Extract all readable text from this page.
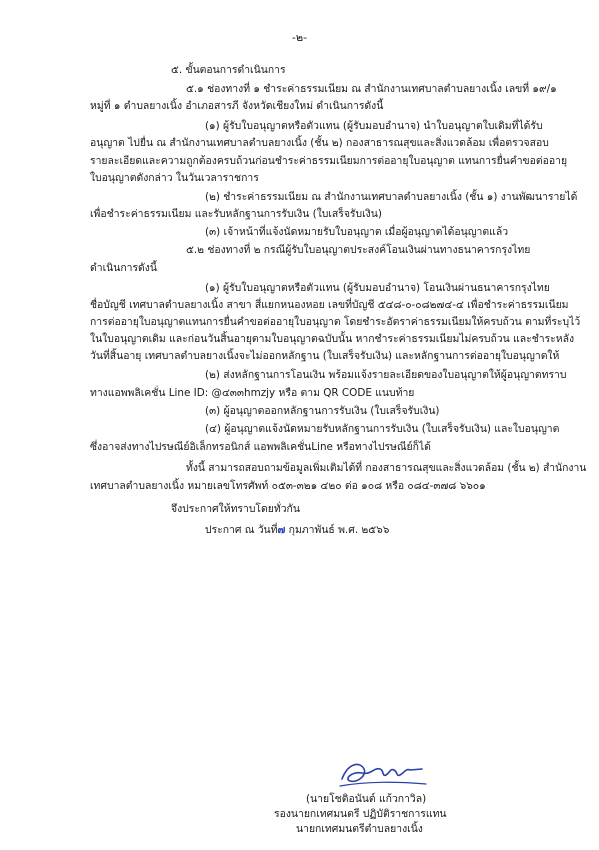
-๒-
๕. ขั้นตอนการดำเนินการ
๕.๑ ช่องทางที่ ๑ ชำระค่าธรรมเนียม ณ สำนักงานเทศบาลตำบลยางเนิ้ง เลขที่ ๑๙/๑
หมู่ที่ ๑ ตำบลยางเนิ้ง อำเภอสารภี จังหวัดเชียงใหม่ ดำเนินการดังนี้
(๑) ผู้รับใบอนุญาตหรือตัวแทน (ผู้รับมอบอำนาจ) นำใบอนุญาตใบเดิมที่ได้รับ
อนุญาต ไปยื่น ณ สำนักงานเทศบาลตำบลยางเนิ้ง (ชั้น ๒) กองสาธารณสุขและสิ่งแวดล้อม เพื่อตรวจสอบ
รายละเอียดและความถูกต้องครบถ้วนก่อนชำระค่าธรรมเนียมการต่ออายุใบอนุญาต แทนการยื่นคำขอต่ออายุ
ใบอนุญาตดังกล่าว ในวันเวลาราชการ
(๒) ชำระค่าธรรมเนียม ณ สำนักงานเทศบาลตำบลยางเนิ้ง (ชั้น ๑) งานพัฒนารายได้
เพื่อชำระค่าธรรมเนียม และรับหลักฐานการรับเงิน (ใบเสร็จรับเงิน)
(๓) เจ้าหน้าที่แจ้งนัดหมายรับใบอนุญาต เมื่อผู้อนุญาตได้อนุญาตแล้ว
๕.๒ ช่องทางที่ ๒ กรณีผู้รับใบอนุญาตประสงค์โอนเงินผ่านทางธนาคารกรุงไทย
ดำเนินการดังนี้
(๑) ผู้รับใบอนุญาตหรือตัวแทน (ผู้รับมอบอำนาจ) โอนเงินผ่านธนาคารกรุงไทย
ชื่อบัญชี เทศบาลตำบลยางเนิ้ง สาขา สี่แยกหนองหอย เลขที่บัญชี ๕๔๘-๐-๐๘๒๗๔-๔ เพื่อชำระค่าธรรมเนียม
การต่ออายุใบอนุญาตแทนการยื่นคำขอต่ออายุใบอนุญาต โดยชำระอัตราค่าธรรมเนียมให้ครบถ้วน ตามที่ระบุไว้
ในใบอนุญาตเดิม และก่อนวันสิ้นอายุตามใบอนุญาตฉบับนั้น หากชำระค่าธรรมเนียมไม่ครบถ้วน และชำระหลัง
วันที่สิ้นอายุ เทศบาลตำบลยางเนิ้งจะไม่ออกหลักฐาน (ใบเสร็จรับเงิน) และหลักฐานการต่ออายุใบอนุญาตให้
(๒) ส่งหลักฐานการโอนเงิน พร้อมแจ้งรายละเอียดของใบอนุญาตให้ผู้อนุญาตทราบ
ทางแอพพลิเคชั่น Line ID: @๔๓๓hmzjy หรือ ตาม QR CODE แนบท้าย
(๓) ผู้อนุญาตออกหลักฐานการรับเงิน (ใบเสร็จรับเงิน)
(๔) ผู้อนุญาตแจ้งนัดหมายรับหลักฐานการรับเงิน (ใบเสร็จรับเงิน) และใบอนุญาต
ซึ่งอาจส่งทางไปรษณีย์อิเล็กทรอนิกส์ แอพพลิเคชั่นLine หรือทางไปรษณีย์ก็ได้
ทั้งนี้ สามารถสอบถามข้อมูลเพิ่มเติมได้ที่ กองสาธารณสุขและสิ่งแวดล้อม (ชั้น ๒) สำนักงาน
เทศบาลตำบลยางเนิ้ง หมายเลขโทรศัพท์ ๐๕๓-๓๒๑ ๔๒๐ ต่อ ๑๐๘ หรือ ๐๘๔-๓๗๘ ๖๖๐๑
จึงประกาศให้ทราบโดยทั่วกัน
ประกาศ ณ วันที่๗ กุมภาพันธ์ พ.ศ. ๒๕๖๖
(นายโชติอนันต์ แก้วกาวิล)
รองนายกเทศมนตรี ปฏิบัติราชการแทน
นายกเทศมนตรีตำบลยางเนิ้ง
